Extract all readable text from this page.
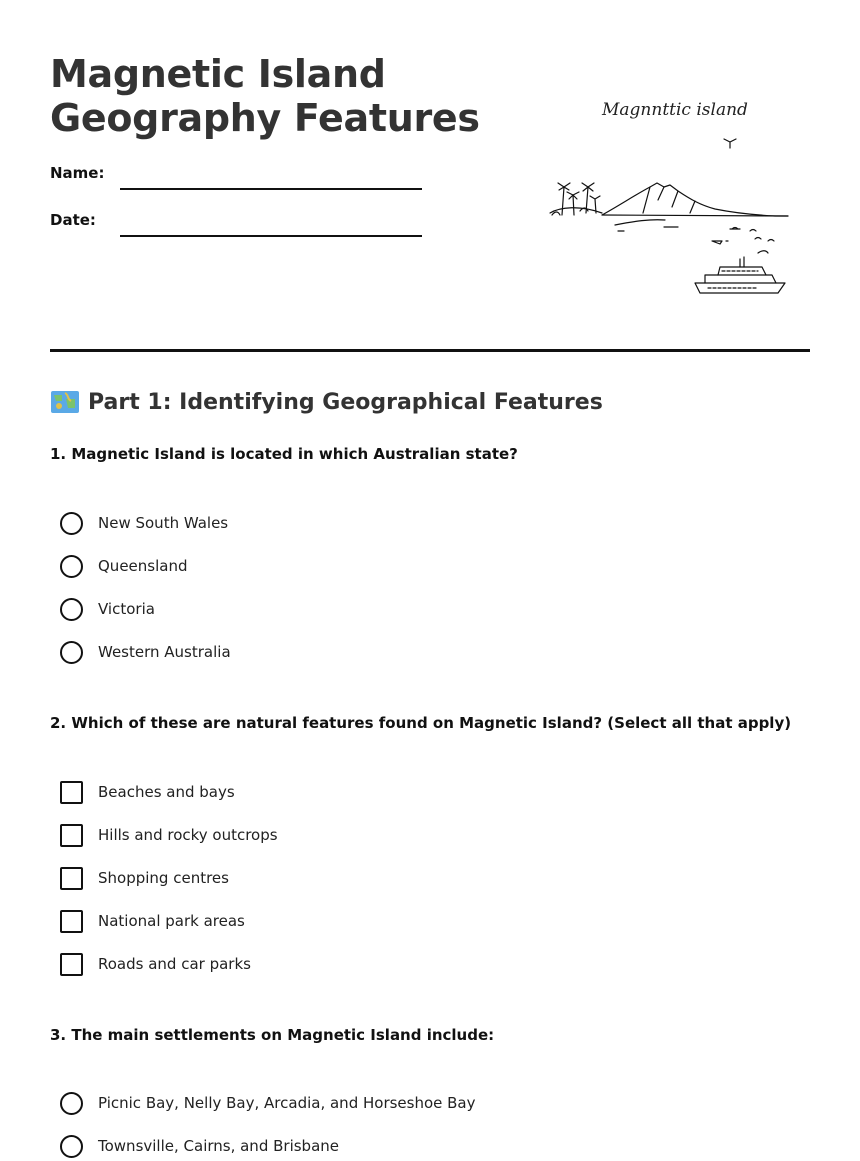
Magnetic Island
Geography Features
Name:
Date:
Magnnttic island
Part 1: Identifying Geographical Features
1. Magnetic Island is located in which Australian state?
New South Wales
Queensland
Victoria
Western Australia
2. Which of these are natural features found on Magnetic Island? (Select all that apply)
Beaches and bays
Hills and rocky outcrops
Shopping centres
National park areas
Roads and car parks
3. The main settlements on Magnetic Island include:
Picnic Bay, Nelly Bay, Arcadia, and Horseshoe Bay
Townsville, Cairns, and Brisbane
